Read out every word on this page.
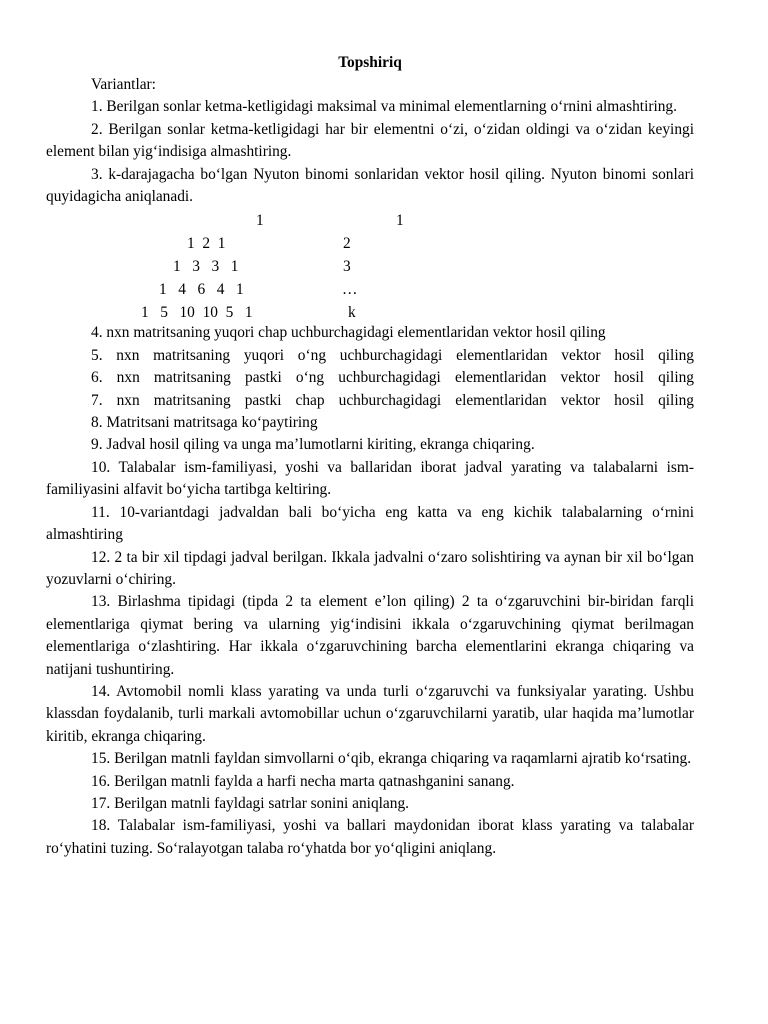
Topshiriq

Variantlar:

1. Berilgan sonlar ketma-ketligidagi maksimal va minimal elementlarning o‘rnini almashtiring.

2. Berilgan sonlar ketma-ketligidagi har bir elementni o‘zi, o‘zidan oldingi va o‘zidan keyingi element bilan yig‘indisiga almashtiring.

3. k-darajagacha bo‘lgan Nyuton binomi sonlaridan vektor hosil qiling. Nyuton binomi sonlari quyidagicha aniqlanadi.

1	1
1  2  1	2
1   3   3   1	3
1   4   6   4   1	…
1   5   10  10  5   1	k

4. nxn matritsaning yuqori chap uchburchagidagi elementlaridan vektor hosil qiling

5. nxn matritsaning yuqori o‘ng uchburchagidagi elementlaridan vektor hosil qiling

6. nxn matritsaning pastki o‘ng uchburchagidagi elementlaridan vektor hosil qiling

7. nxn matritsaning pastki chap uchburchagidagi elementlaridan vektor hosil qiling

8. Matritsani matritsaga ko‘paytiring

9. Jadval hosil qiling va unga ma’lumotlarni kiriting, ekranga chiqaring.

10. Talabalar ism-familiyasi, yoshi va ballaridan iborat jadval yarating va talabalarni ism-familiyasini alfavit bo‘yicha tartibga keltiring.

11. 10-variantdagi jadvaldan bali bo‘yicha eng katta va eng kichik talabalarning o‘rnini almashtiring

12. 2 ta bir xil tipdagi jadval berilgan. Ikkala jadvalni o‘zaro solishtiring va aynan bir xil bo‘lgan yozuvlarni o‘chiring.

13. Birlashma tipidagi (tipda 2 ta element e’lon qiling) 2 ta o‘zgaruvchini bir-biridan farqli elementlariga qiymat bering va ularning yig‘indisini ikkala o‘zgaruvchining qiymat berilmagan elementlariga o‘zlashtiring. Har ikkala o‘zgaruvchining barcha elementlarini ekranga chiqaring va natijani tushuntiring.

14. Avtomobil nomli klass yarating va unda turli o‘zgaruvchi va funksiyalar yarating. Ushbu klassdan foydalanib, turli markali avtomobillar uchun o‘zgaruvchilarni yaratib, ular haqida ma’lumotlar kiritib, ekranga chiqaring.

15. Berilgan matnli fayldan simvollarni o‘qib, ekranga chiqaring va raqamlarni ajratib ko‘rsating.

16. Berilgan matnli faylda a harfi necha marta qatnashganini sanang.

17. Berilgan matnli fayldagi satrlar sonini aniqlang.

18. Talabalar ism-familiyasi, yoshi va ballari maydonidan iborat klass yarating va talabalar ro‘yhatini tuzing. So‘ralayotgan talaba ro‘yhatda bor yo‘qligini aniqlang.
